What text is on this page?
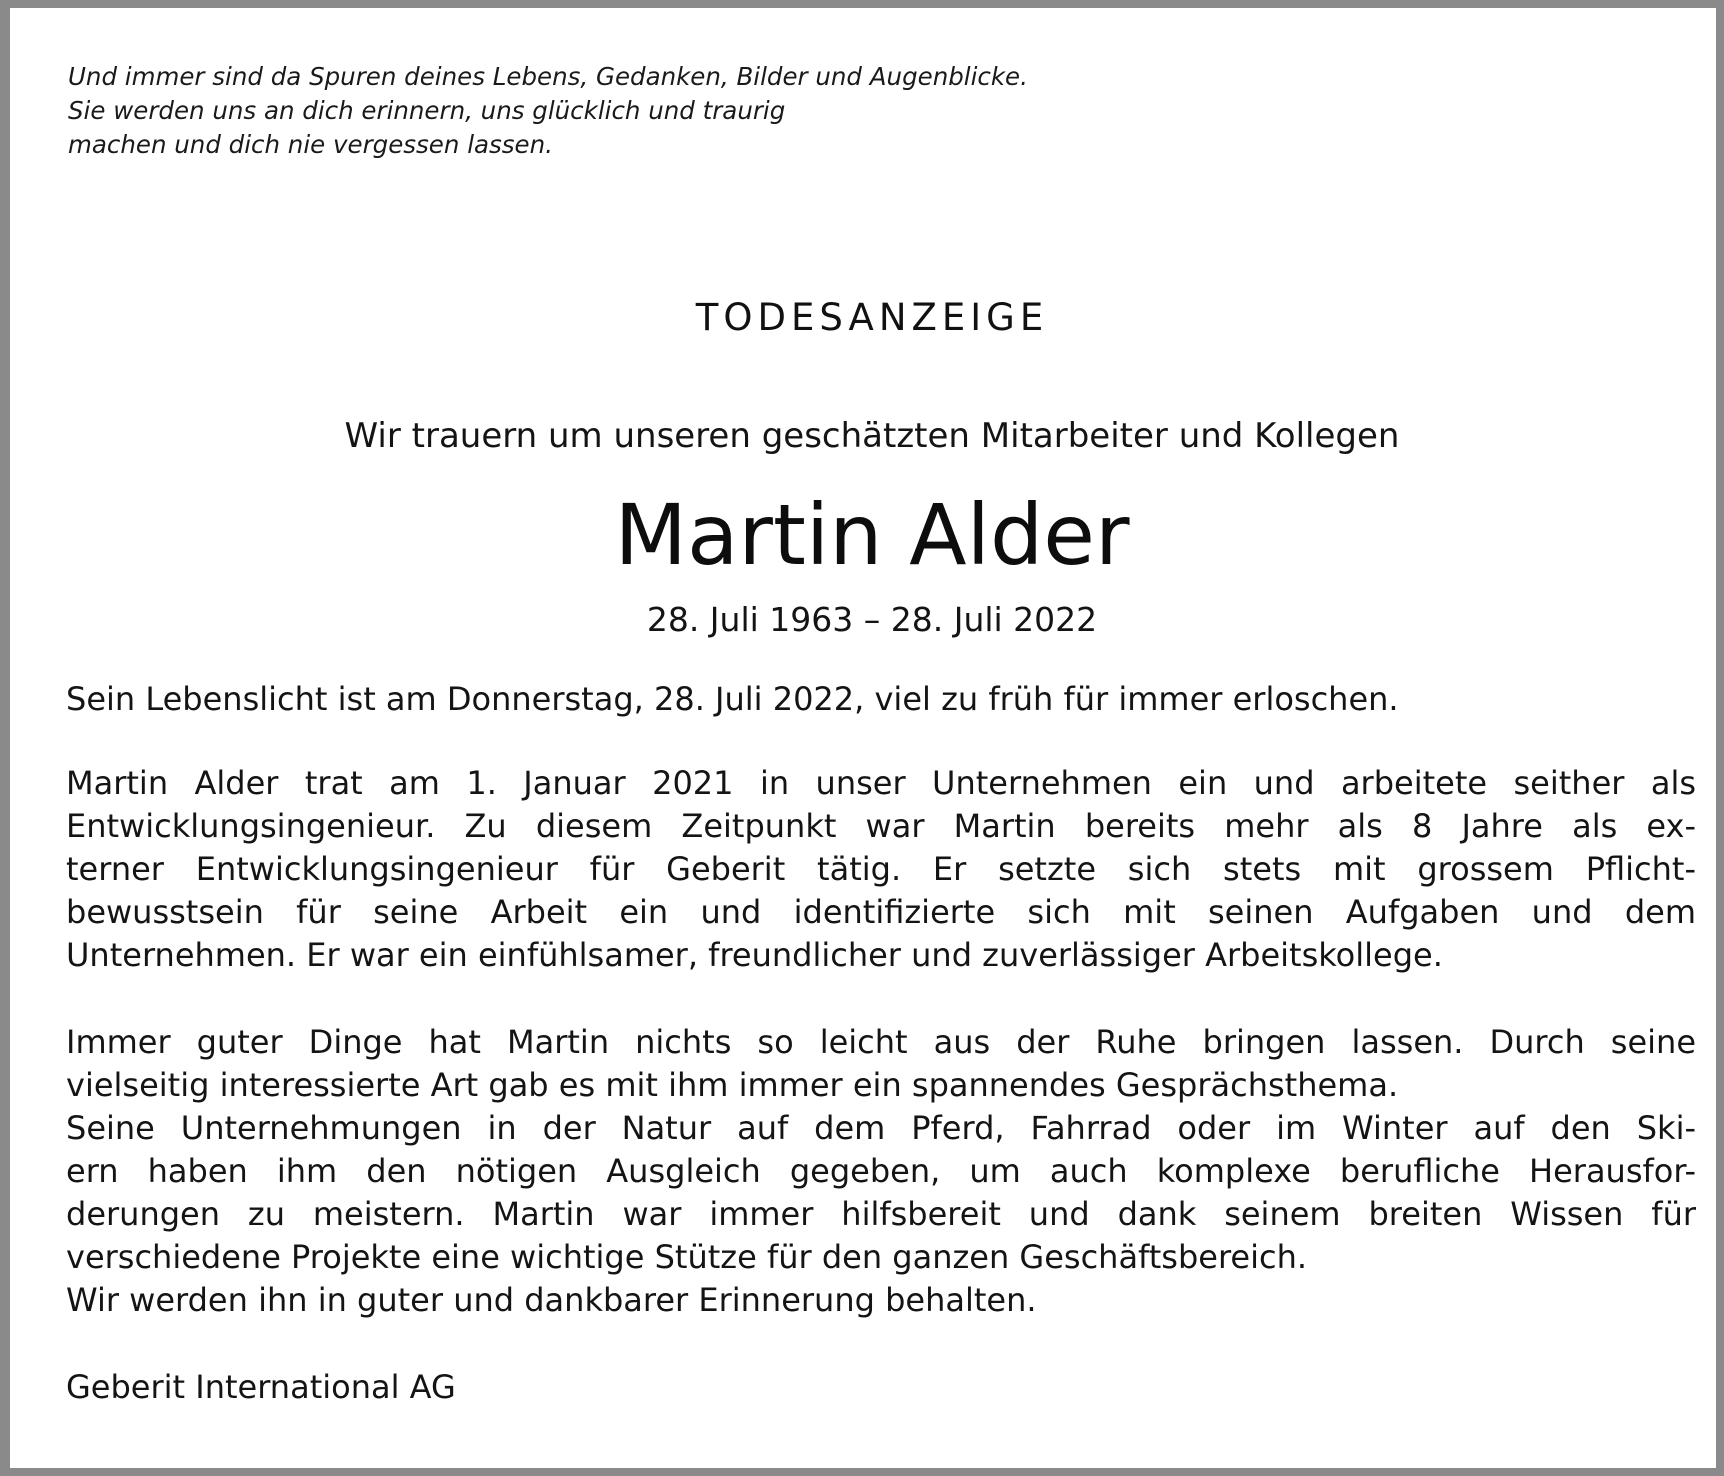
Und immer sind da Spuren deines Lebens, Gedanken, Bilder und Augenblicke.
Sie werden uns an dich erinnern, uns glücklich und traurig
machen und dich nie vergessen lassen.
TODESANZEIGE
Wir trauern um unseren geschätzten Mitarbeiter und Kollegen
Martin Alder
28. Juli 1963 – 28. Juli 2022
Sein Lebenslicht ist am Donnerstag, 28. Juli 2022, viel zu früh für immer erloschen.
Martin Alder trat am 1. Januar 2021 in unser Unternehmen ein und arbeitete seither als
Entwicklungsingenieur. Zu diesem Zeitpunkt war Martin bereits mehr als 8 Jahre als ex-
terner Entwicklungsingenieur für Geberit tätig. Er setzte sich stets mit grossem Pflicht-
bewusstsein für seine Arbeit ein und identifizierte sich mit seinen Aufgaben und dem
Unternehmen. Er war ein einfühlsamer, freundlicher und zuverlässiger Arbeitskollege.
Immer guter Dinge hat Martin nichts so leicht aus der Ruhe bringen lassen. Durch seine
vielseitig interessierte Art gab es mit ihm immer ein spannendes Gesprächsthema.
Seine Unternehmungen in der Natur auf dem Pferd, Fahrrad oder im Winter auf den Ski-
ern haben ihm den nötigen Ausgleich gegeben, um auch komplexe berufliche Herausfor-
derungen zu meistern. Martin war immer hilfsbereit und dank seinem breiten Wissen für
verschiedene Projekte eine wichtige Stütze für den ganzen Geschäftsbereich.
Wir werden ihn in guter und dankbarer Erinnerung behalten.
Geberit International AG
